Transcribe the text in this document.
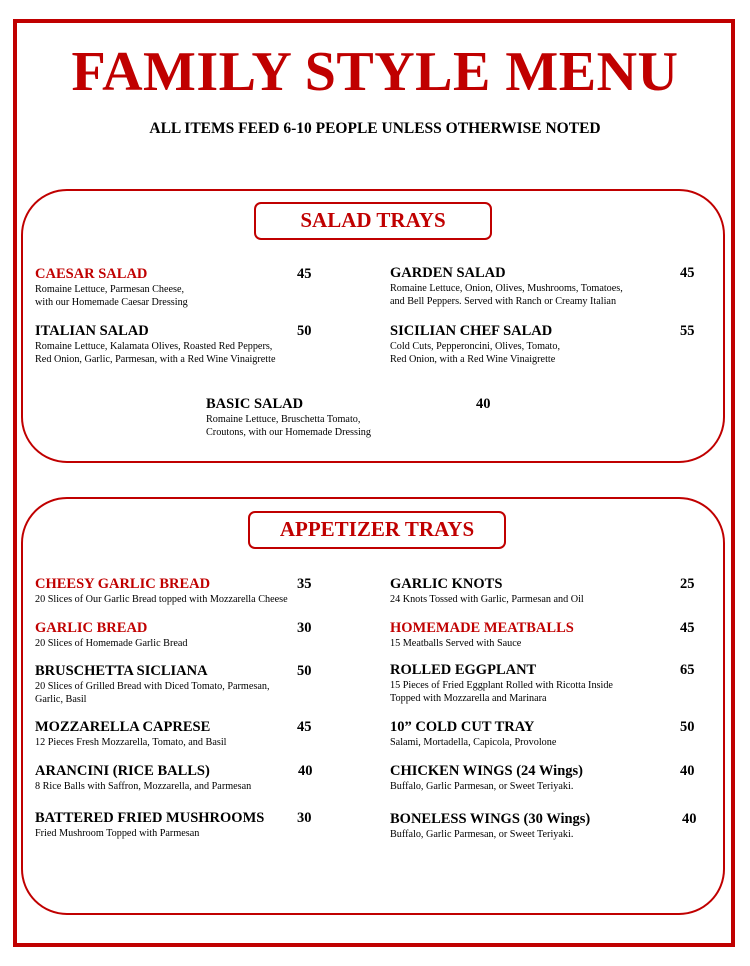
FAMILY STYLE MENU
ALL ITEMS FEED 6-10 PEOPLE UNLESS OTHERWISE NOTED
SALAD TRAYS
CAESAR SALAD	45
Romaine Lettuce, Parmesan Cheese,
with our Homemade Caesar Dressing
GARDEN SALAD	45
Romaine Lettuce, Onion, Olives, Mushrooms, Tomatoes,
and Bell Peppers. Served with Ranch or Creamy Italian
ITALIAN SALAD	50
Romaine Lettuce, Kalamata Olives, Roasted Red Peppers,
Red Onion, Garlic, Parmesan, with a Red Wine Vinaigrette
SICILIAN CHEF SALAD	55
Cold Cuts, Pepperoncini, Olives, Tomato,
Red Onion, with a Red Wine Vinaigrette
BASIC SALAD	40
Romaine Lettuce, Bruschetta Tomato,
Croutons, with our Homemade Dressing
APPETIZER TRAYS
CHEESY GARLIC BREAD	35
20 Slices of Our Garlic Bread topped with Mozzarella Cheese
GARLIC KNOTS	25
24 Knots Tossed with Garlic, Parmesan and Oil
GARLIC BREAD	30
20 Slices of Homemade Garlic Bread
HOMEMADE MEATBALLS	45
15 Meatballs Served with Sauce
BRUSCHETTA SICLIANA	50
20 Slices of Grilled Bread with Diced Tomato, Parmesan,
Garlic, Basil
ROLLED EGGPLANT	65
15 Pieces of Fried Eggplant Rolled with Ricotta Inside
Topped with Mozzarella and Marinara
MOZZARELLA CAPRESE	45
12 Pieces Fresh Mozzarella, Tomato, and Basil
10” COLD CUT TRAY	50
Salami, Mortadella, Capicola, Provolone
ARANCINI (RICE BALLS)	40
8 Rice Balls with Saffron, Mozzarella, and Parmesan
CHICKEN WINGS (24 Wings)	40
Buffalo, Garlic Parmesan, or Sweet Teriyaki.
BATTERED FRIED MUSHROOMS 30
Fried Mushroom Topped with Parmesan
BONELESS WINGS (30 Wings)	40
Buffalo, Garlic Parmesan, or Sweet Teriyaki.
